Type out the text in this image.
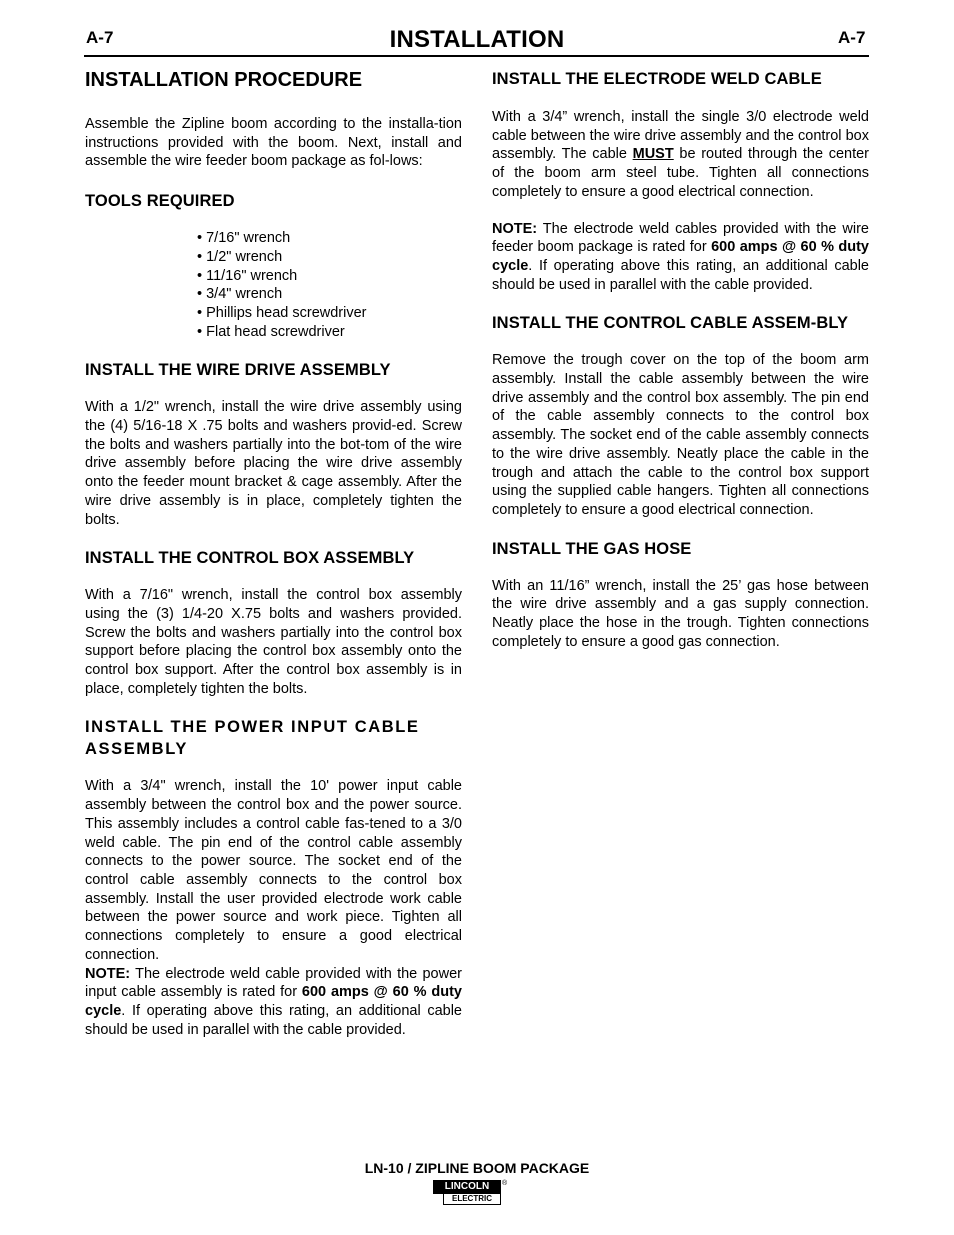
A-7	INSTALLATION	A-7
INSTALLATION PROCEDURE

Assemble the Zipline boom according to the installa-tion instructions provided with the boom. Next, install and assemble the wire feeder boom package as fol-lows:

TOOLS REQUIRED
• 7/16" wrench
• 1/2" wrench
• 11/16" wrench
• 3/4" wrench
• Phillips head screwdriver
• Flat head screwdriver
INSTALL THE WIRE DRIVE ASSEMBLY

With a 1/2" wrench, install the wire drive assembly using the (4) 5/16-18 X .75 bolts and washers provid-ed. Screw the bolts and washers partially into the bot-tom of the wire drive assembly before placing the wire drive assembly onto the feeder mount bracket & cage assembly. After the wire drive assembly is in place, completely tighten the bolts.

INSTALL THE CONTROL BOX ASSEMBLY

With a 7/16" wrench, install the control box assembly using the (3) 1/4-20 X.75 bolts and washers provided. Screw the bolts and washers partially into the control box support before placing the control box assembly onto the control box support. After the control box assembly is in place, completely tighten the bolts.

INSTALL THE POWER INPUT CABLE ASSEMBLY

With a 3/4" wrench, install the 10' power input cable assembly between the control box and the power source. This assembly includes a control cable fas-tened to a 3/0 weld cable. The pin end of the control cable assembly connects to the power source. The socket end of the control cable assembly connects to the control box assembly. Install the user provided electrode work cable between the power source and work piece. Tighten all connections completely to ensure a good electrical connection.

NOTE: The electrode weld cable provided with the power input cable assembly is rated for 600 amps @ 60 % duty cycle. If operating above this rating, an additional cable should be used in parallel with the cable provided.

INSTALL THE ELECTRODE WELD CABLE

With a 3/4” wrench, install the single 3/0 electrode weld cable between the wire drive assembly and the control box assembly. The cable MUST be routed through the center of the boom arm steel tube. Tighten all connections completely to ensure a good electrical connection.

NOTE: The electrode weld cables provided with the wire feeder boom package is rated for 600 amps @ 60 % duty cycle. If operating above this rating, an additional cable should be used in parallel with the cable provided.

INSTALL THE CONTROL CABLE ASSEM-BLY

Remove the trough cover on the top of the boom arm assembly. Install the cable assembly between the wire drive assembly and the control box assembly. The pin end of the cable assembly connects to the control box assembly. The socket end of the cable assembly connects to the wire drive assembly. Neatly place the cable in the trough and attach the cable to the control box support using the supplied cable hangers. Tighten all connections completely to ensure a good electrical connection.

INSTALL THE GAS HOSE

With an 11/16” wrench, install the 25’ gas hose between the wire drive assembly and a gas supply connection. Neatly place the hose in the trough. Tighten connections completely to ensure a good gas connection.

LN-10 / ZIPLINE BOOM PACKAGE
LINCOLN
ELECTRIC
®
